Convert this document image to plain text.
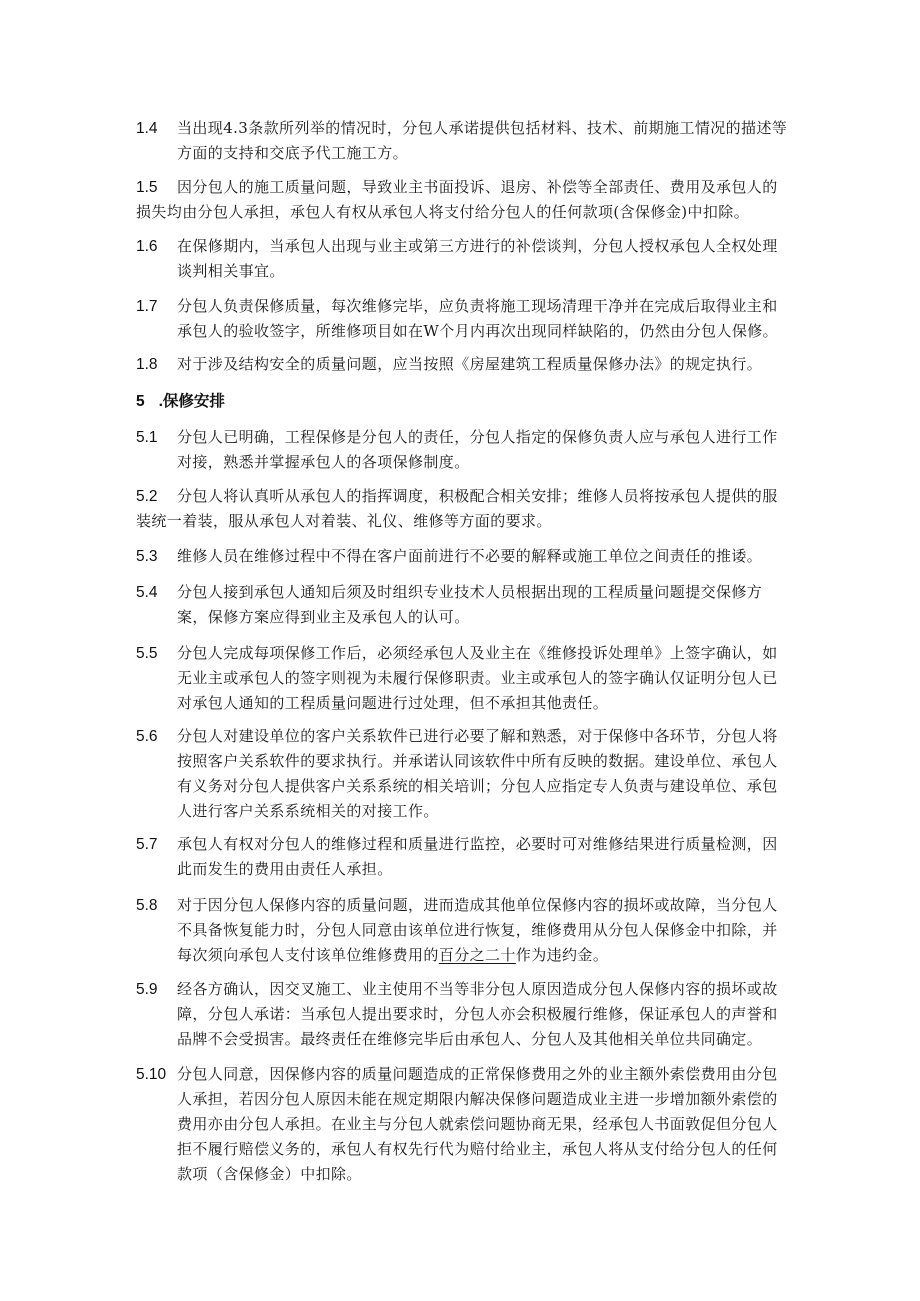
1.4 当出现4.3条款所列举的情况时，分包人承诺提供包括材料、技术、前期施工情况的描述等方面的支持和交底予代工施工方。
1.5	因分包人的施工质量问题，导致业主书面投诉、退房、补偿等全部责任、费用及承包人的损失均由分包人承担，承包人有权从承包人将支付给分包人的任何款项(含保修金)中扣除。
1.6 在保修期内，当承包人出现与业主或第三方进行的补偿谈判，分包人授权承包人全权处理谈判相关事宜。
1.7 分包人负责保修质量，每次维修完毕，应负责将施工现场清理干净并在完成后取得业主和承包人的验收签字，所维修项目如在W个月内再次出现同样缺陷的，仍然由分包人保修。
1.8 对于涉及结构安全的质量问题，应当按照《房屋建筑工程质量保修办法》的规定执行。
5 .保修安排
5.1 分包人已明确，工程保修是分包人的责任，分包人指定的保修负责人应与承包人进行工作对接，熟悉并掌握承包人的各项保修制度。
5.2	分包人将认真听从承包人的指挥调度，积极配合相关安排；维修人员将按承包人提供的服装统一着装，服从承包人对着装、礼仪、维修等方面的要求。
5.3 维修人员在维修过程中不得在客户面前进行不必要的解释或施工单位之间责任的推诿。
5.4 分包人接到承包人通知后须及时组织专业技术人员根据出现的工程质量问题提交保修方案，保修方案应得到业主及承包人的认可。
5.5 分包人完成每项保修工作后，必须经承包人及业主在《维修投诉处理单》上签字确认，如无业主或承包人的签字则视为未履行保修职责。业主或承包人的签字确认仅证明分包人已对承包人通知的工程质量问题进行过处理，但不承担其他责任。
5.6 分包人对建设单位的客户关系软件已进行必要了解和熟悉，对于保修中各环节，分包人将按照客户关系软件的要求执行。并承诺认同该软件中所有反映的数据。建设单位、承包人有义务对分包人提供客户关系系统的相关培训；分包人应指定专人负责与建设单位、承包人进行客户关系系统相关的对接工作。
5.7 承包人有权对分包人的维修过程和质量进行监控，必要时可对维修结果进行质量检测，因此而发生的费用由责任人承担。
5.8 对于因分包人保修内容的质量问题，进而造成其他单位保修内容的损坏或故障，当分包人不具备恢复能力时，分包人同意由该单位进行恢复，维修费用从分包人保修金中扣除，并每次须向承包人支付该单位维修费用的百分之二十作为违约金。
5.9 经各方确认，因交叉施工、业主使用不当等非分包人原因造成分包人保修内容的损坏或故障，分包人承诺：当承包人提出要求时，分包人亦会积极履行维修，保证承包人的声誉和品牌不会受损害。最终责任在维修完毕后由承包人、分包人及其他相关单位共同确定。
5.10 分包人同意，因保修内容的质量问题造成的正常保修费用之外的业主额外索偿费用由分包人承担，若因分包人原因未能在规定期限内解决保修问题造成业主进一步增加额外索偿的费用亦由分包人承担。在业主与分包人就索偿问题协商无果，经承包人书面敦促但分包人拒不履行赔偿义务的，承包人有权先行代为赔付给业主，承包人将从支付给分包人的任何款项（含保修金）中扣除。
